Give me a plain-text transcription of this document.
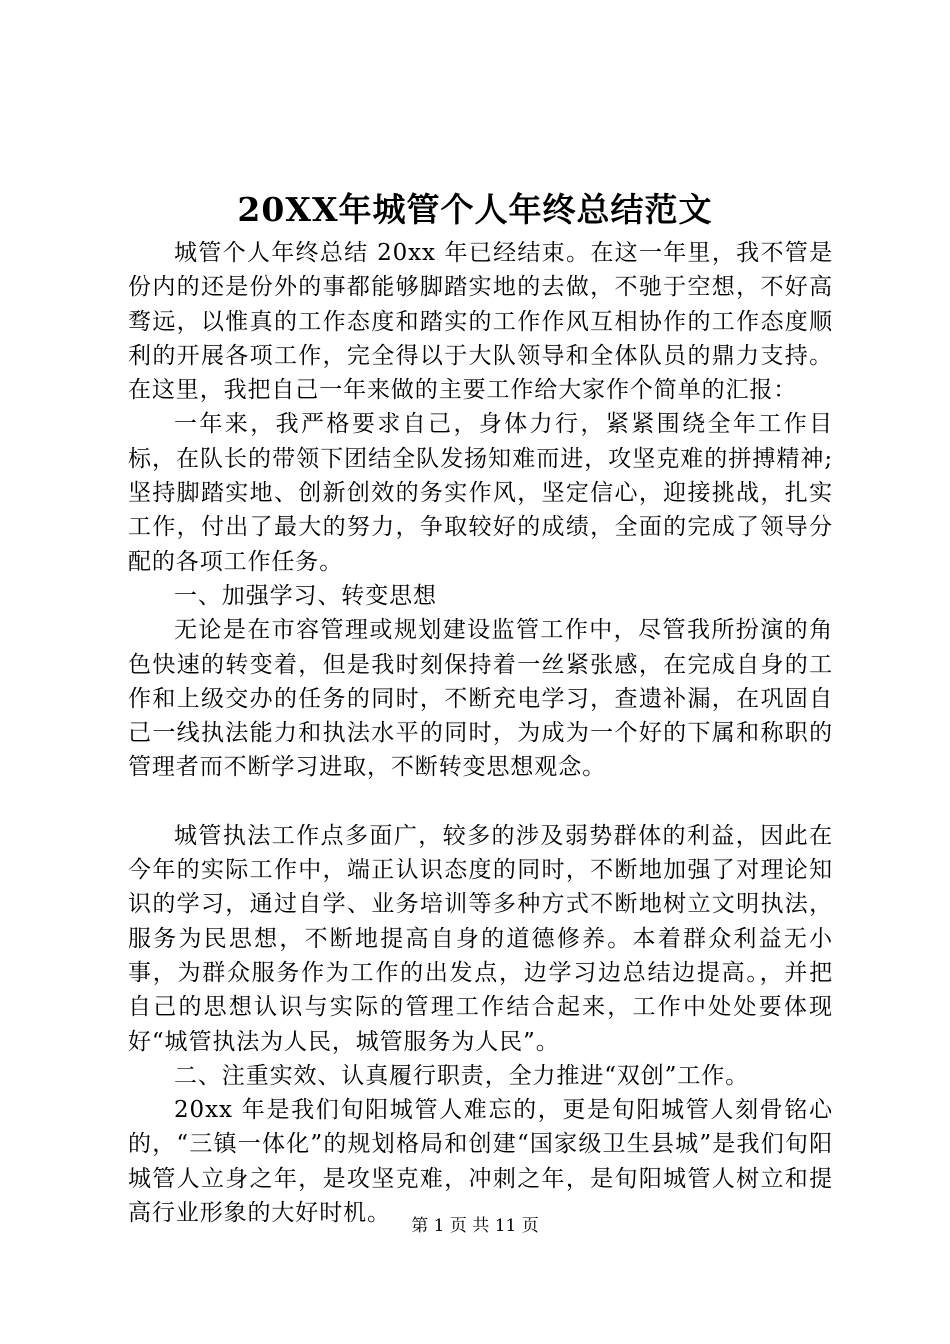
20XX年城管个人年终总结范文

城管个人年终总结 20xx 年已经结束。在这一年里，我不管是份内的还是份外的事都能够脚踏实地的去做，不驰于空想，不好高骛远，以惟真的工作态度和踏实的工作作风互相协作的工作态度顺利的开展各项工作，完全得以于大队领导和全体队员的鼎力支持。在这里，我把自己一年来做的主要工作给大家作个简单的汇报：

一年来，我严格要求自己，身体力行，紧紧围绕全年工作目标，在队长的带领下团结全队发扬知难而进，攻坚克难的拼搏精神;坚持脚踏实地、创新创效的务实作风，坚定信心，迎接挑战，扎实工作，付出了最大的努力，争取较好的成绩，全面的完成了领导分配的各项工作任务。

一、加强学习、转变思想

无论是在市容管理或规划建设监管工作中，尽管我所扮演的角色快速的转变着，但是我时刻保持着一丝紧张感，在完成自身的工作和上级交办的任务的同时，不断充电学习，查遗补漏，在巩固自己一线执法能力和执法水平的同时，为成为一个好的下属和称职的管理者而不断学习进取，不断转变思想观念。

城管执法工作点多面广，较多的涉及弱势群体的利益，因此在今年的实际工作中，端正认识态度的同时，不断地加强了对理论知识的学习，通过自学、业务培训等多种方式不断地树立文明执法，服务为民思想，不断地提高自身的道德修养。本着群众利益无小事，为群众服务作为工作的出发点，边学习边总结边提高。，并把自己的思想认识与实际的管理工作结合起来，工作中处处要体现好“城管执法为人民，城管服务为人民”。

二、注重实效、认真履行职责，全力推进“双创”工作。

20xx 年是我们旬阳城管人难忘的，更是旬阳城管人刻骨铭心的，“三镇一体化”的规划格局和创建“国家级卫生县城”是我们旬阳城管人立身之年，是攻坚克难，冲刺之年，是旬阳城管人树立和提高行业形象的大好时机。	第 1 页 共 11 页
